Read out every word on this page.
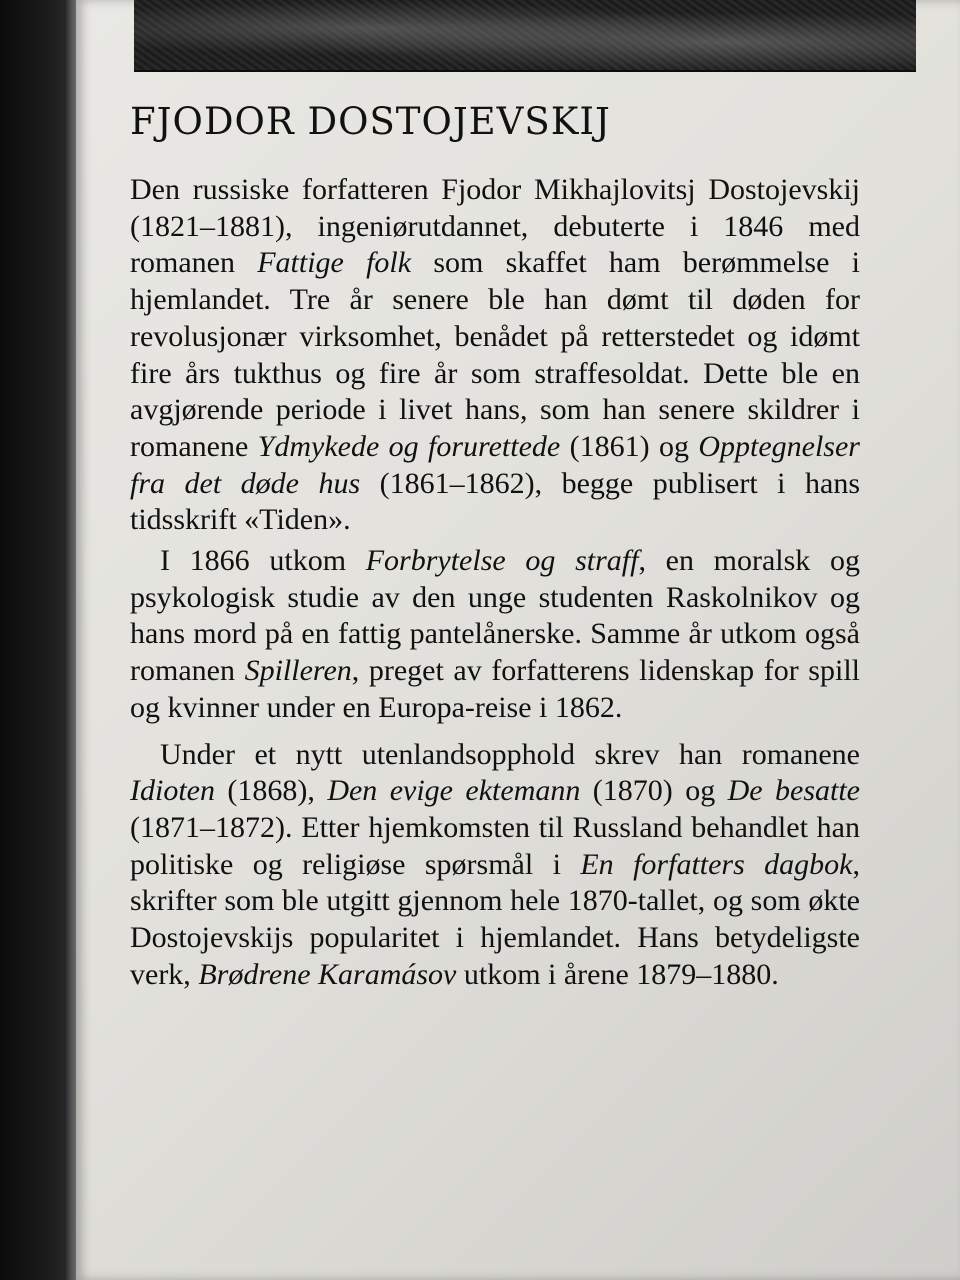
FJODOR DOSTOJEVSKIJ

Den russiske forfatteren Fjodor Mikhajlovitsj Dostojevskij (1821–1881), ingeniørutdannet, debuterte i 1846 med romanen Fattige folk som skaffet ham berømmelse i hjemlandet. Tre år senere ble han dømt til døden for revolusjonær virksomhet, benådet på retterstedet og idømt fire års tukthus og fire år som straffesoldat. Dette ble en avgjørende periode i livet hans, som han senere skildrer i romanene Ydmykede og forurettede (1861) og Opptegnelser fra det døde hus (1861–1862), begge publisert i hans tidsskrift «Tiden».

I 1866 utkom Forbrytelse og straff, en moralsk og psykologisk studie av den unge studenten Raskolnikov og hans mord på en fattig pantelånerske. Samme år utkom også romanen Spilleren, preget av forfatterens lidenskap for spill og kvinner under en Europa-reise i 1862.

Under et nytt utenlandsopphold skrev han romanene Idioten (1868), Den evige ektemann (1870) og De besatte (1871–1872). Etter hjemkomsten til Russland behandlet han politiske og religiøse spørsmål i En forfatters dagbok, skrifter som ble utgitt gjennom hele 1870-tallet, og som økte Dostojevskijs popularitet i hjemlandet. Hans betydeligste verk, Brødrene Karamásov utkom i årene 1879–1880.
